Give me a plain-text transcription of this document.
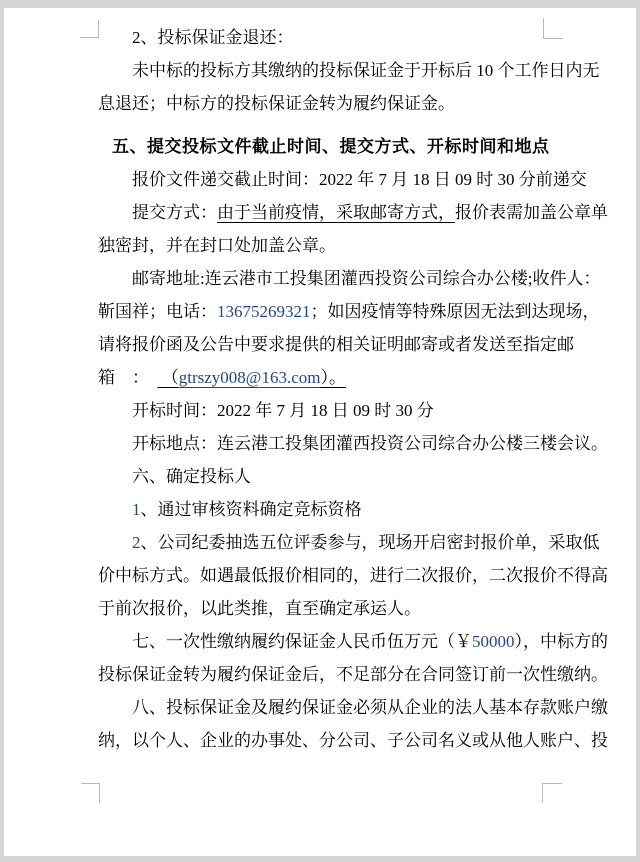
2、投标保证金退还：
未中标的投标方其缴纳的投标保证金于开标后 10 个工作日内无
息退还；中标方的投标保证金转为履约保证金。
五、提交投标文件截止时间、提交方式、开标时间和地点
报价文件递交截止时间：2022 年 7 月 18 日 09 时 30 分前递交
提交方式：由于当前疫情，采取邮寄方式，报价表需加盖公章单
独密封，并在封口处加盖公章。
邮寄地址:连云港市工投集团灌西投资公司综合办公楼;收件人：
靳国祥；电话：13675269321；如因疫情等特殊原因无法到达现场，
请将报价函及公告中要求提供的相关证明邮寄或者发送至指定邮
箱 ：  （gtrszy008@163.com）。
开标时间：2022 年 7 月 18 日 09 时 30 分
开标地点：连云港工投集团灌西投资公司综合办公楼三楼会议。
六、确定投标人
1、通过审核资料确定竞标资格
2、公司纪委抽选五位评委参与，现场开启密封报价单，采取低
价中标方式。如遇最低报价相同的，进行二次报价，二次报价不得高
于前次报价，以此类推，直至确定承运人。
七、一次性缴纳履约保证金人民币伍万元（￥50000），中标方的
投标保证金转为履约保证金后，不足部分在合同签订前一次性缴纳。
八、投标保证金及履约保证金必须从企业的法人基本存款账户缴
纳，以个人、企业的办事处、分公司、子公司名义或从他人账户、投
